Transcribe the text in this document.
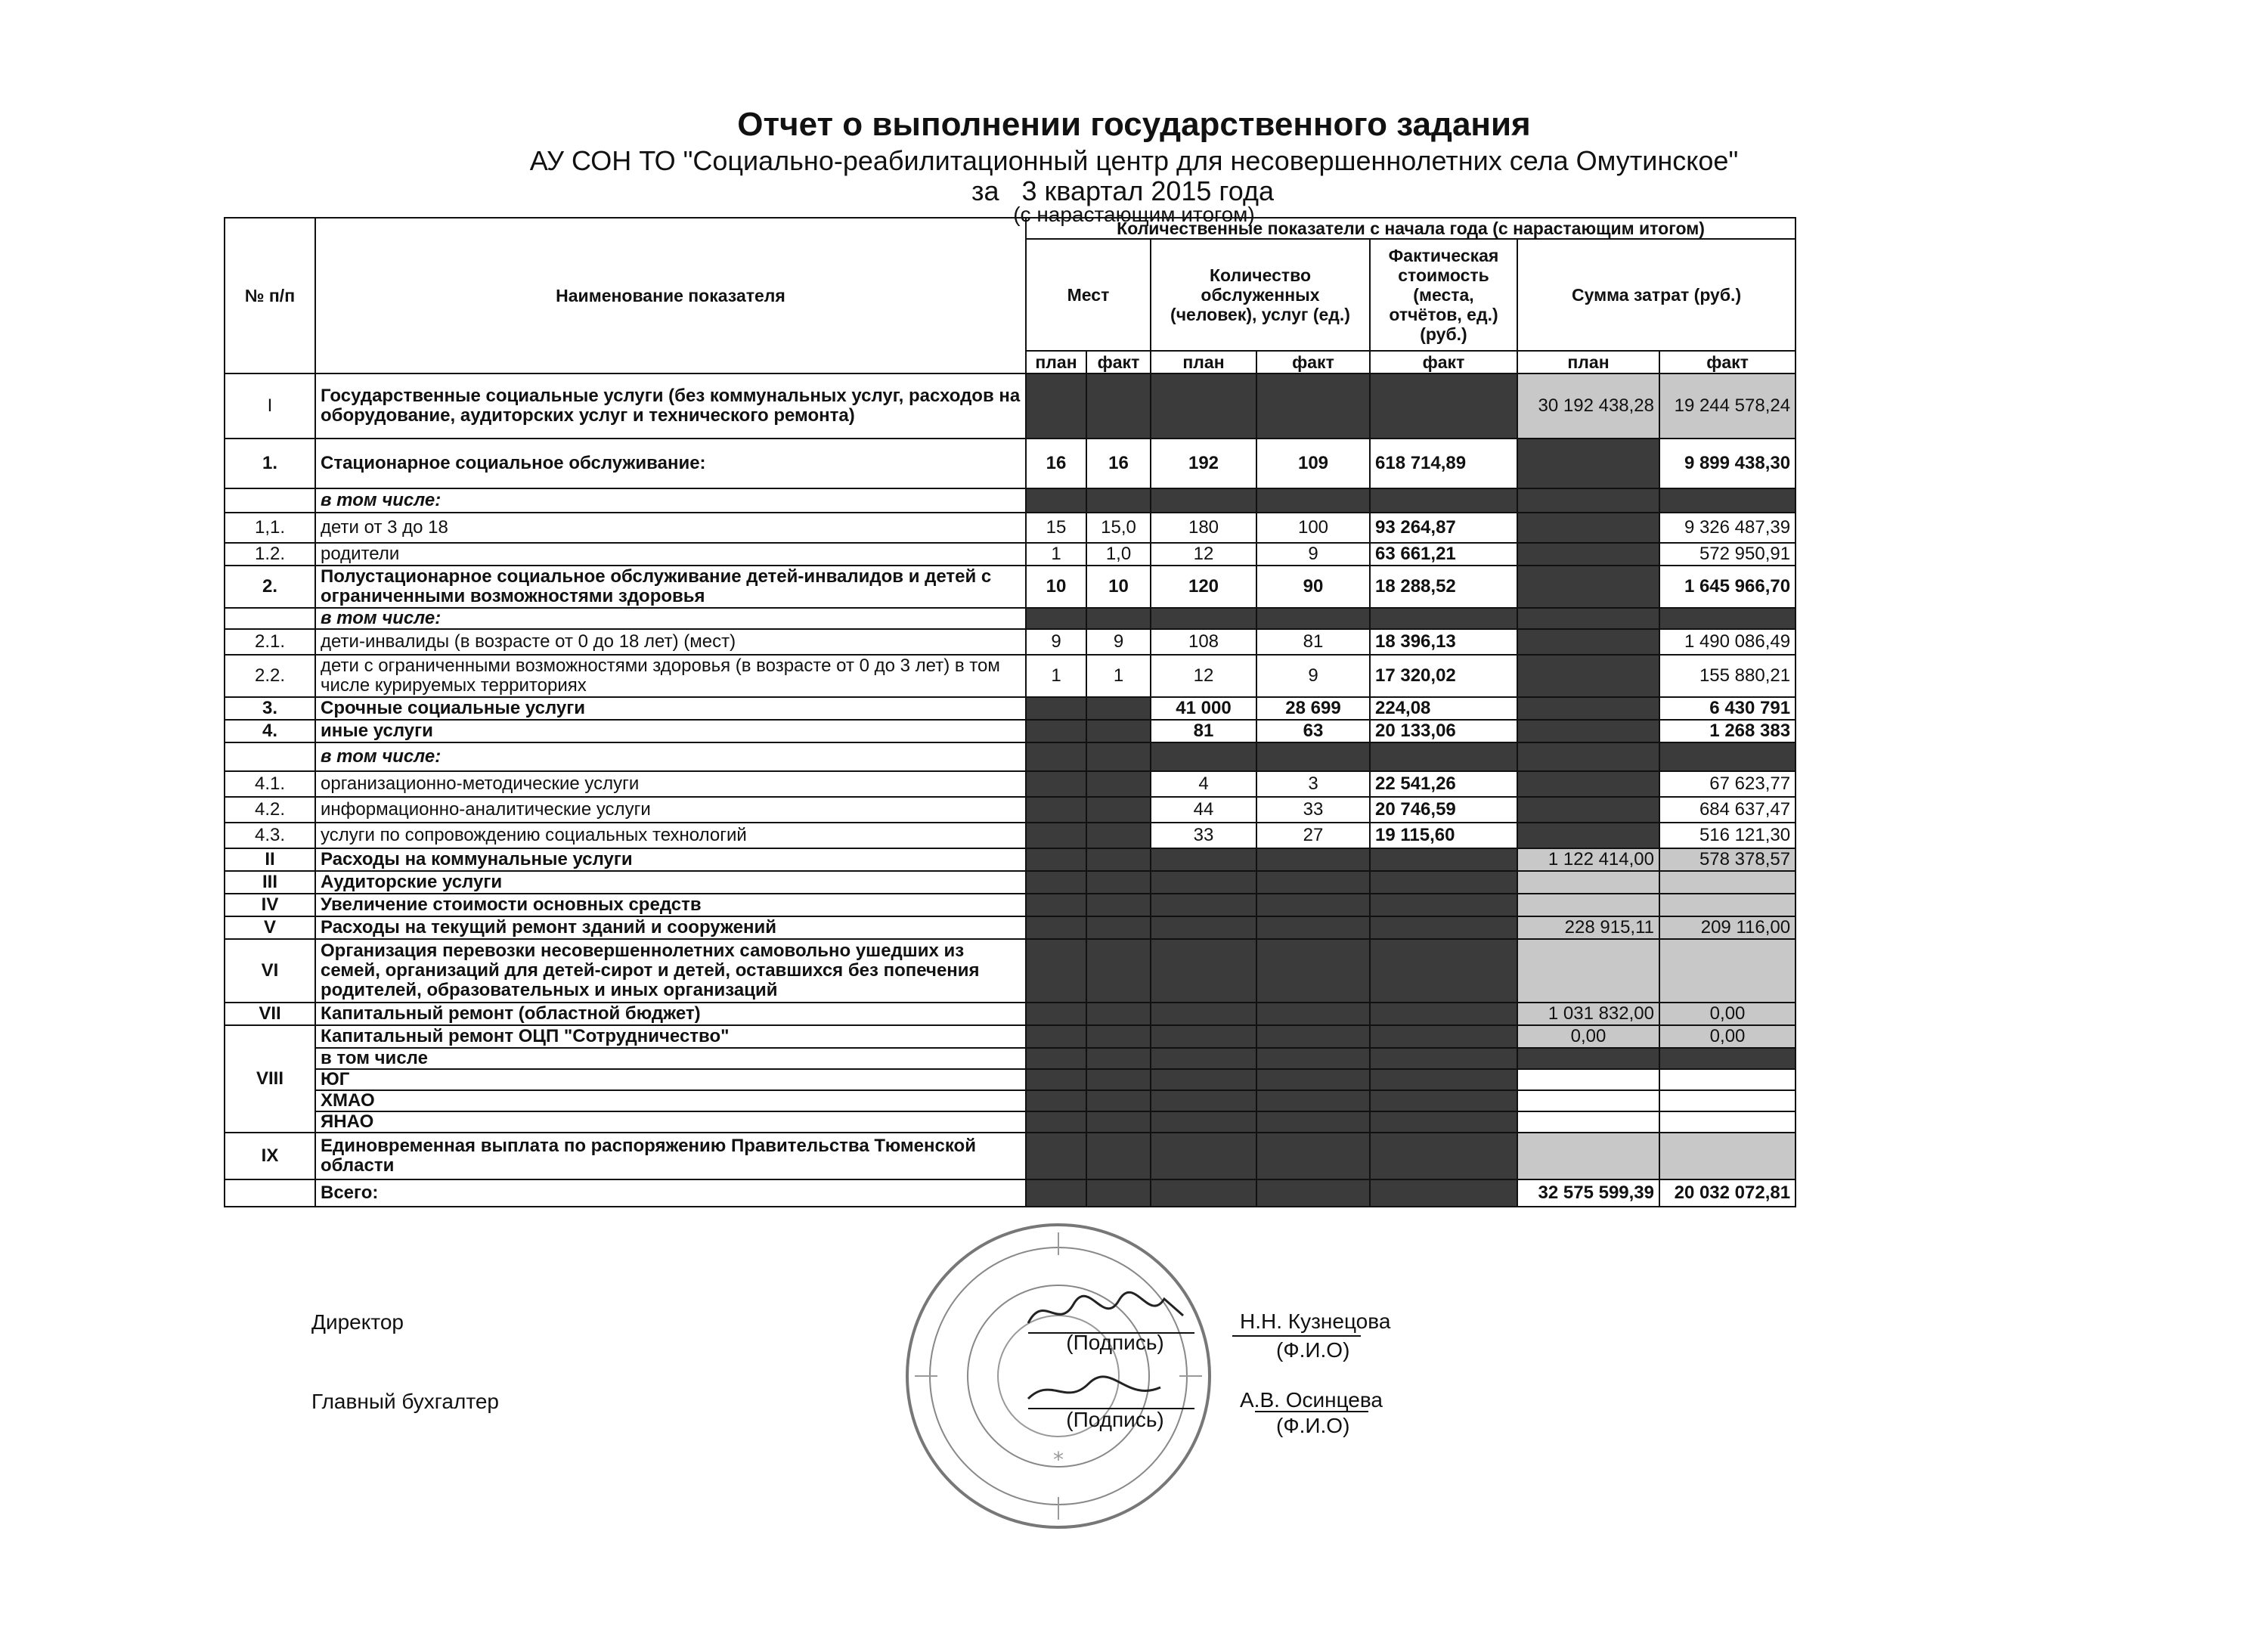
Отчет о выполнении государственного задания
АУ СОН ТО "Социально-реабилитационный центр для несовершеннолетних села Омутинское"
за 3 квартал 2015 года
(с нарастающим итогом)
№ п/п	Наименование показателя	Количественные показатели с начала года (с нарастающим итогом)						
		Мест		Количество обслуженных (человек), услуг (ед.)		Фактическая стоимость (места, отчётов, ед.) (руб.)	Сумма затрат (руб.)	
		план	факт	план	факт	факт	план	факт
I	Государственные социальные услуги (без коммунальных услуг, расходов на оборудование, аудиторских услуг и технического ремонта)						30 192 438,28	19 244 578,24
1.	Стационарное социальное обслуживание:	16	16	192	109	618 714,89		9 899 438,30
	в том числе:							
1,1.	дети от 3 до 18	15	15,0	180	100	93 264,87		9 326 487,39
1.2.	родители	1	1,0	12	9	63 661,21		572 950,91
2.	Полустационарное социальное обслуживание детей-инвалидов и детей с ограниченными возможностями здоровья	10	10	120	90	18 288,52		1 645 966,70
	в том числе:							
2.1.	дети-инвалиды (в возрасте от 0 до 18 лет) (мест)	9	9	108	81	18 396,13		1 490 086,49
2.2.	дети с ограниченными возможностями здоровья (в возрасте от 0 до 3 лет) в том числе курируемых территориях	1	1	12	9	17 320,02		155 880,21
3.	Срочные социальные услуги			41 000	28 699	224,08		6 430 791
4.	иные услуги			81	63	20 133,06		1 268 383
	в том числе:							
4.1.	организационно-методические услуги			4	3	22 541,26		67 623,77
4.2.	информационно-аналитические услуги			44	33	20 746,59		684 637,47
4.3.	услуги по сопровождению социальных технологий			33	27	19 115,60		516 121,30
II	Расходы на коммунальные услуги						1 122 414,00	578 378,57
III	Аудиторские услуги							
IV	Увеличение стоимости основных средств							
V	Расходы на текущий ремонт зданий и сооружений						228 915,11	209 116,00
VI	Организация перевозки несовершеннолетних самовольно ушедших из семей, организаций для детей-сирот и детей, оставшихся без попечения родителей, образовательных и иных организаций							
VII	Капитальный ремонт (областной бюджет)						1 031 832,00	0,00
VIII	Капитальный ремонт ОЦП "Сотрудничество"						0,00	0,00
	в том числе							
	ЮГ							
	ХМАО							
	ЯНАО							
IX	Единовременная выплата по распоряжению Правительства Тюменской области							
	Всего:						32 575 599,39	20 032 072,81
*
Директор
(Подпись)
Н.Н. Кузнецова
(Ф.И.О)
Главный бухгалтер
(Подпись)
А.В. Осинцева
(Ф.И.О)
